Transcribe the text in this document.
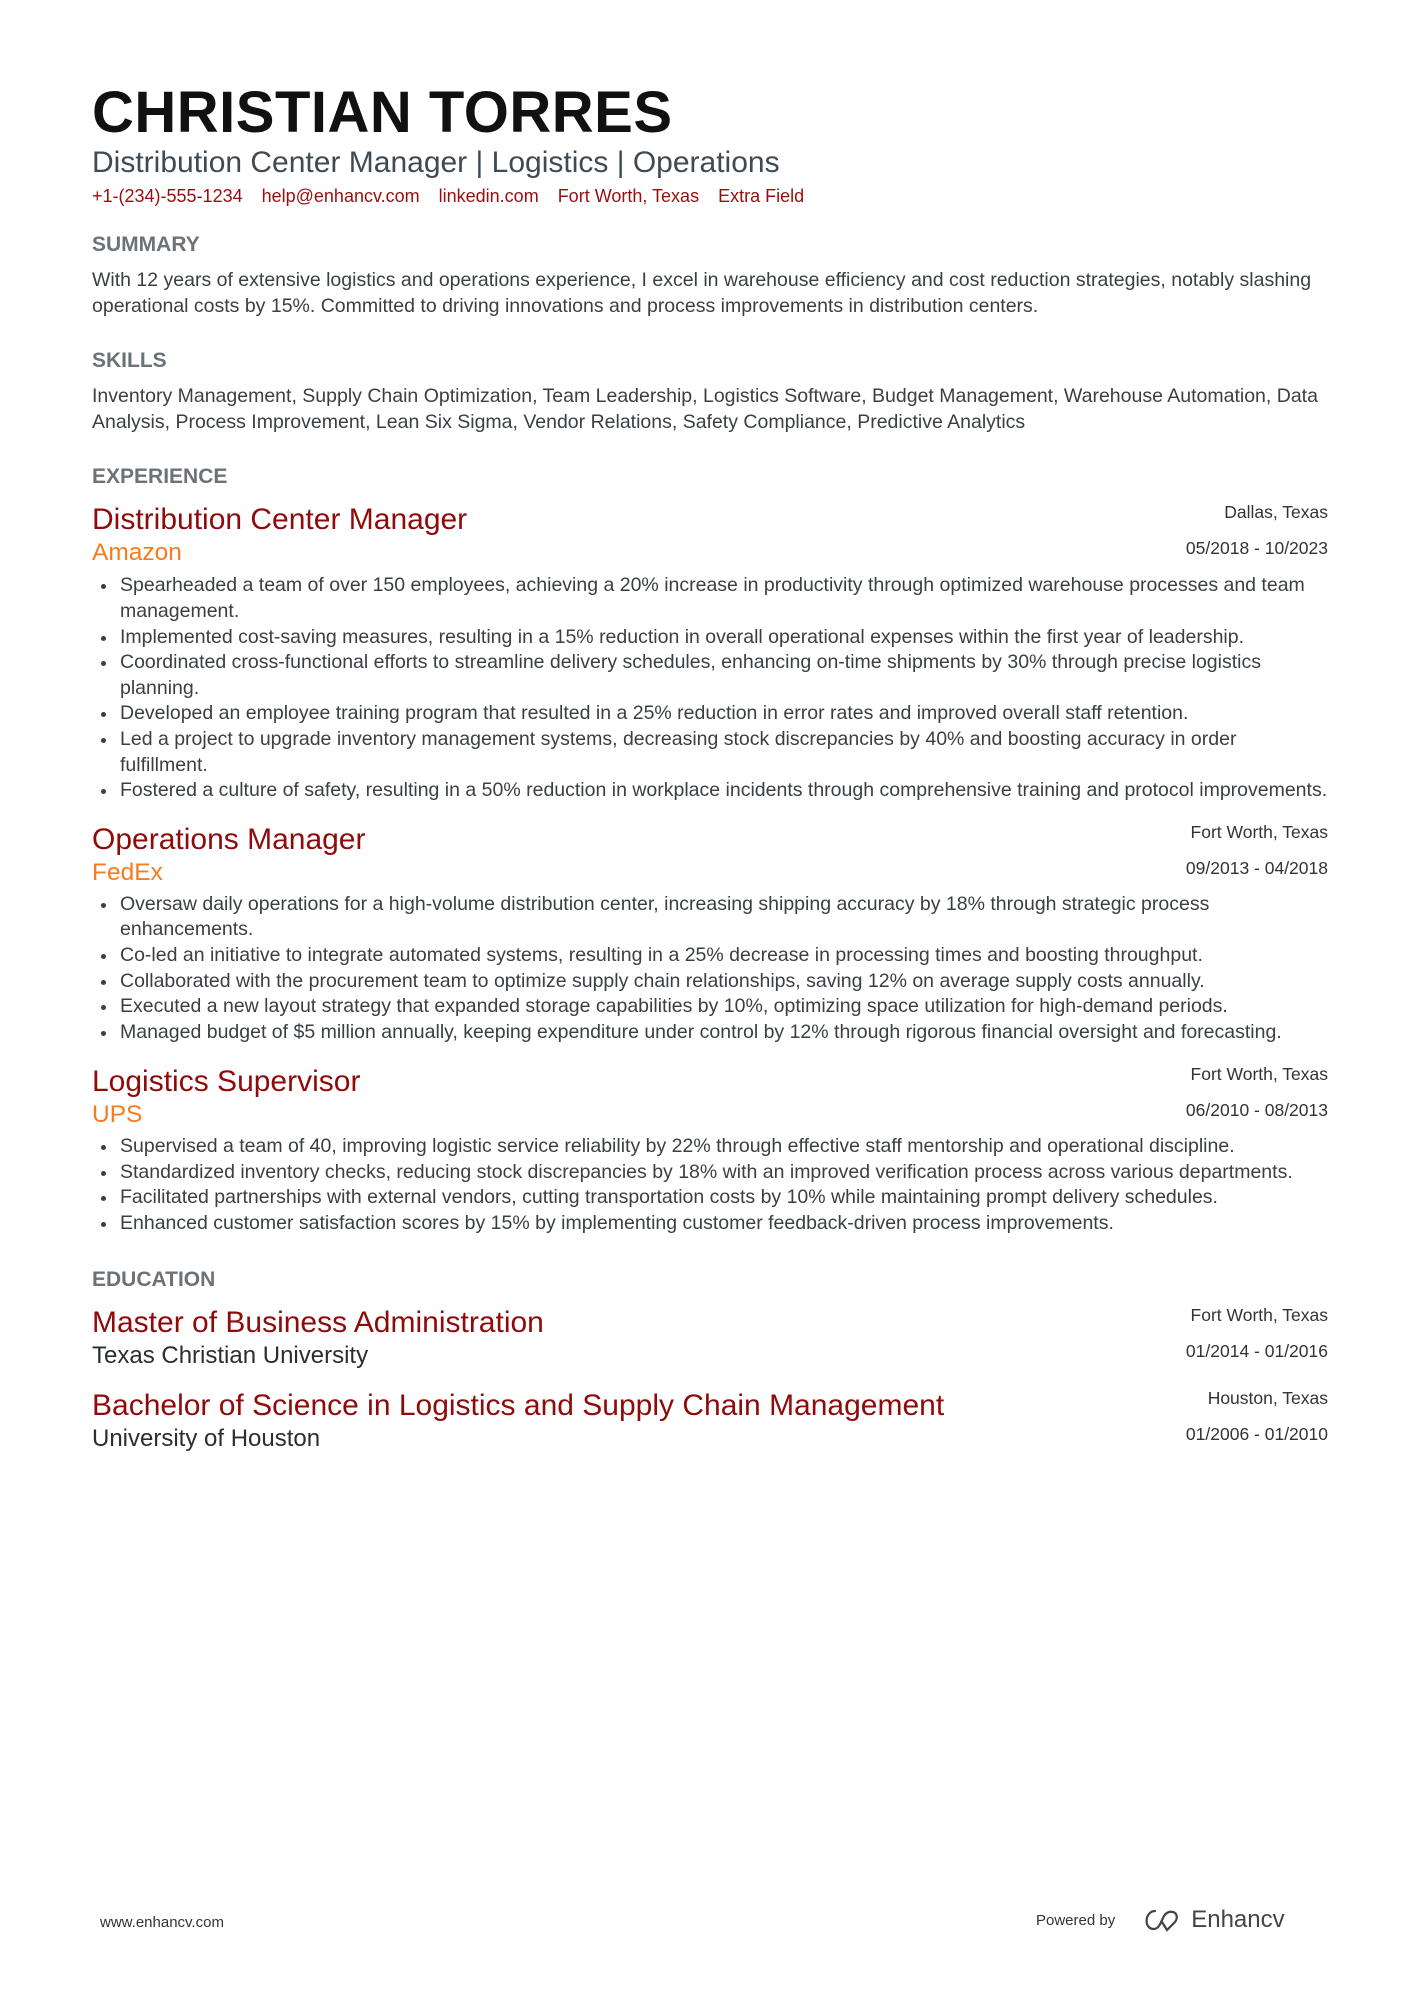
CHRISTIAN TORRES
Distribution Center Manager | Logistics | Operations
+1-(234)-555-1234 help@enhancv.com linkedin.com Fort Worth, Texas Extra Field
SUMMARY
With 12 years of extensive logistics and operations experience, I excel in warehouse efficiency and cost reduction strategies, notably slashing operational costs by 15%. Committed to driving innovations and process improvements in distribution centers.
SKILLS
Inventory Management, Supply Chain Optimization, Team Leadership, Logistics Software, Budget Management, Warehouse Automation, Data Analysis, Process Improvement, Lean Six Sigma, Vendor Relations, Safety Compliance, Predictive Analytics
EXPERIENCE
Distribution Center Manager
Amazon
Dallas, Texas
05/2018 - 10/2023
Spearheaded a team of over 150 employees, achieving a 20% increase in productivity through optimized warehouse processes and team management.
Implemented cost-saving measures, resulting in a 15% reduction in overall operational expenses within the first year of leadership.
Coordinated cross-functional efforts to streamline delivery schedules, enhancing on-time shipments by 30% through precise logistics planning.
Developed an employee training program that resulted in a 25% reduction in error rates and improved overall staff retention.
Led a project to upgrade inventory management systems, decreasing stock discrepancies by 40% and boosting accuracy in order fulfillment.
Fostered a culture of safety, resulting in a 50% reduction in workplace incidents through comprehensive training and protocol improvements.
Operations Manager
FedEx
Fort Worth, Texas
09/2013 - 04/2018
Oversaw daily operations for a high-volume distribution center, increasing shipping accuracy by 18% through strategic process enhancements.
Co-led an initiative to integrate automated systems, resulting in a 25% decrease in processing times and boosting throughput.
Collaborated with the procurement team to optimize supply chain relationships, saving 12% on average supply costs annually.
Executed a new layout strategy that expanded storage capabilities by 10%, optimizing space utilization for high-demand periods.
Managed budget of $5 million annually, keeping expenditure under control by 12% through rigorous financial oversight and forecasting.
Logistics Supervisor
UPS
Fort Worth, Texas
06/2010 - 08/2013
Supervised a team of 40, improving logistic service reliability by 22% through effective staff mentorship and operational discipline.
Standardized inventory checks, reducing stock discrepancies by 18% with an improved verification process across various departments.
Facilitated partnerships with external vendors, cutting transportation costs by 10% while maintaining prompt delivery schedules.
Enhanced customer satisfaction scores by 15% by implementing customer feedback-driven process improvements.
EDUCATION
Master of Business Administration
Texas Christian University
Fort Worth, Texas
01/2014 - 01/2016
Bachelor of Science in Logistics and Supply Chain Management
University of Houston
Houston, Texas
01/2006 - 01/2010
www.enhancv.com	Powered by	Enhancv
